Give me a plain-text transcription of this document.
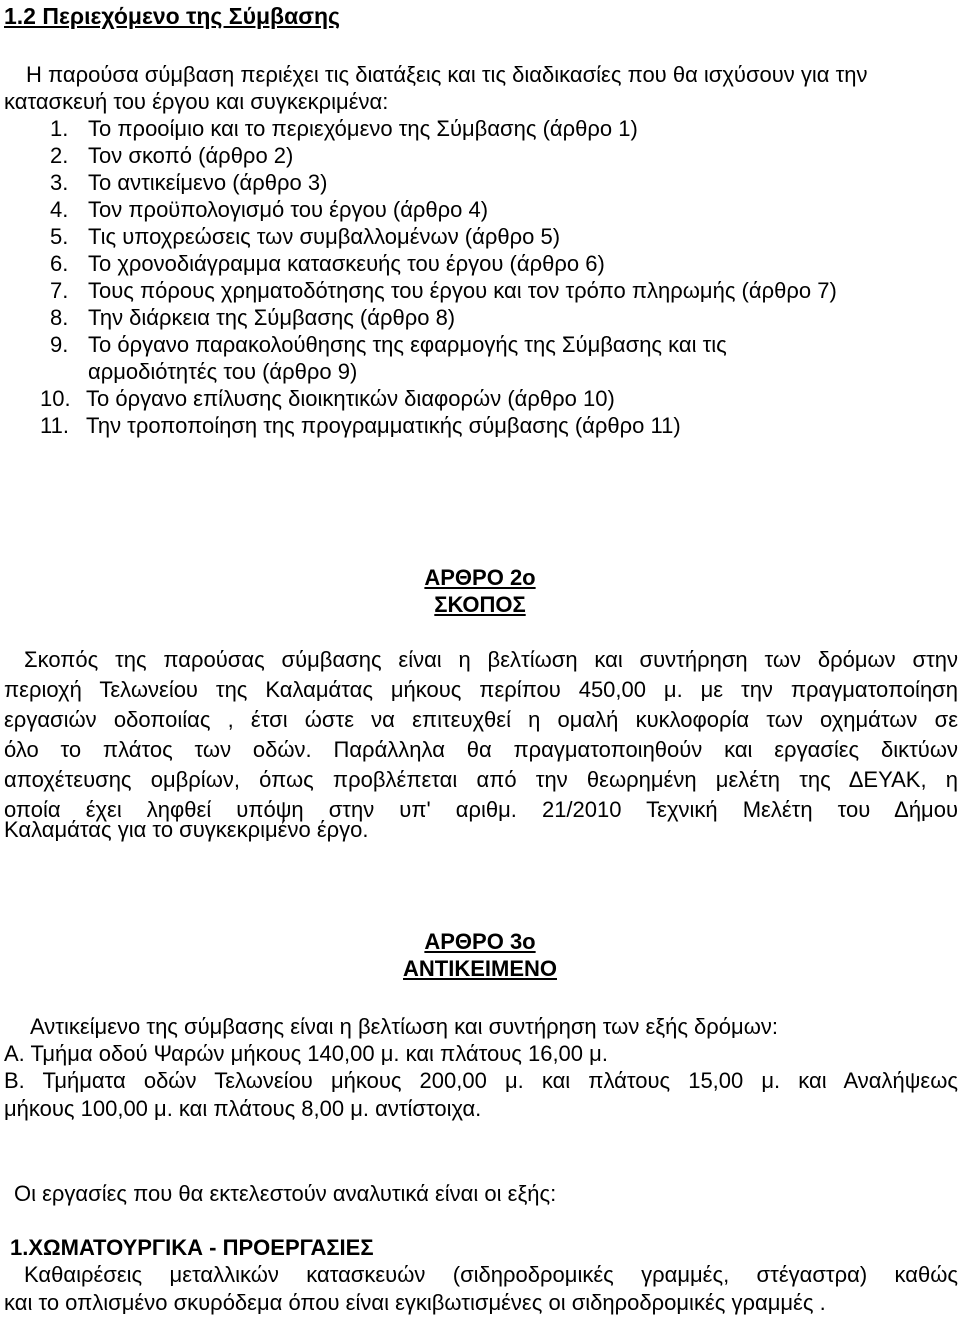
1.2 Περιεχόμενο της Σύμβασης
Η παρούσα σύμβαση περιέχει τις διατάξεις και τις διαδικασίες που θα ισχύσουν για την
κατασκευή του έργου και συγκεκριμένα:
1. Το προοίμιο και το περιεχόμενο της Σύμβασης (άρθρο 1)
2. Τον σκοπό (άρθρο 2)
3. Το αντικείμενο (άρθρο 3)
4. Τον προϋπολογισμό του έργου (άρθρο 4)
5. Τις υποχρεώσεις των συμβαλλομένων (άρθρο 5)
6. Το χρονοδιάγραμμα κατασκευής του έργου (άρθρο 6)
7. Τους πόρους χρηματοδότησης του έργου και τον τρόπο πληρωμής (άρθρο 7)
8. Την διάρκεια της Σύμβασης (άρθρο 8)
9. Το όργανο παρακολούθησης της εφαρμογής της Σύμβασης και τις
αρμοδιότητές του (άρθρο 9)
10. Το όργανο επίλυσης διοικητικών διαφορών (άρθρο 10)
11. Την τροποποίηση της προγραμματικής σύμβασης (άρθρο 11)
ΑΡΘΡΟ 2ο
ΣΚΟΠΟΣ
Σκοπός της παρούσας σύμβασης είναι η βελτίωση και συντήρηση των δρόμων στην
περιοχή Τελωνείου της Καλαμάτας μήκους περίπου 450,00 μ. με την πραγματοποίηση
εργασιών οδοποιίας , έτσι ώστε να επιτευχθεί η ομαλή κυκλοφορία των οχημάτων σε
όλο το πλάτος των οδών. Παράλληλα θα πραγματοποιηθούν και εργασίες δικτύων
αποχέτευσης ομβρίων, όπως προβλέπεται από την θεωρημένη μελέτη της ΔΕΥΑΚ, η
οποία έχει ληφθεί υπόψη στην υπ' αριθμ. 21/2010 Τεχνική Μελέτη του Δήμου
Καλαμάτας για το συγκεκριμένο έργο.
ΑΡΘΡΟ 3ο
ΑΝΤΙΚΕΙΜΕΝΟ
Αντικείμενο της σύμβασης είναι η βελτίωση και συντήρηση των εξής δρόμων:
Α. Τμήμα οδού Ψαρών μήκους 140,00 μ. και πλάτους 16,00 μ.
Β. Τμήματα οδών Τελωνείου μήκους 200,00 μ. και πλάτους 15,00 μ. και Αναλήψεως
μήκους 100,00 μ. και πλάτους 8,00 μ. αντίστοιχα.
Οι εργασίες που θα εκτελεστούν αναλυτικά είναι οι εξής:
1.ΧΩΜΑΤΟΥΡΓΙΚΑ - ΠΡΟΕΡΓΑΣΙΕΣ
Καθαιρέσεις μεταλλικών κατασκευών (σιδηροδρομικές γραμμές, στέγαστρα) καθώς
και το οπλισμένο σκυρόδεμα όπου είναι εγκιβωτισμένες οι σιδηροδρομικές γραμμές .
